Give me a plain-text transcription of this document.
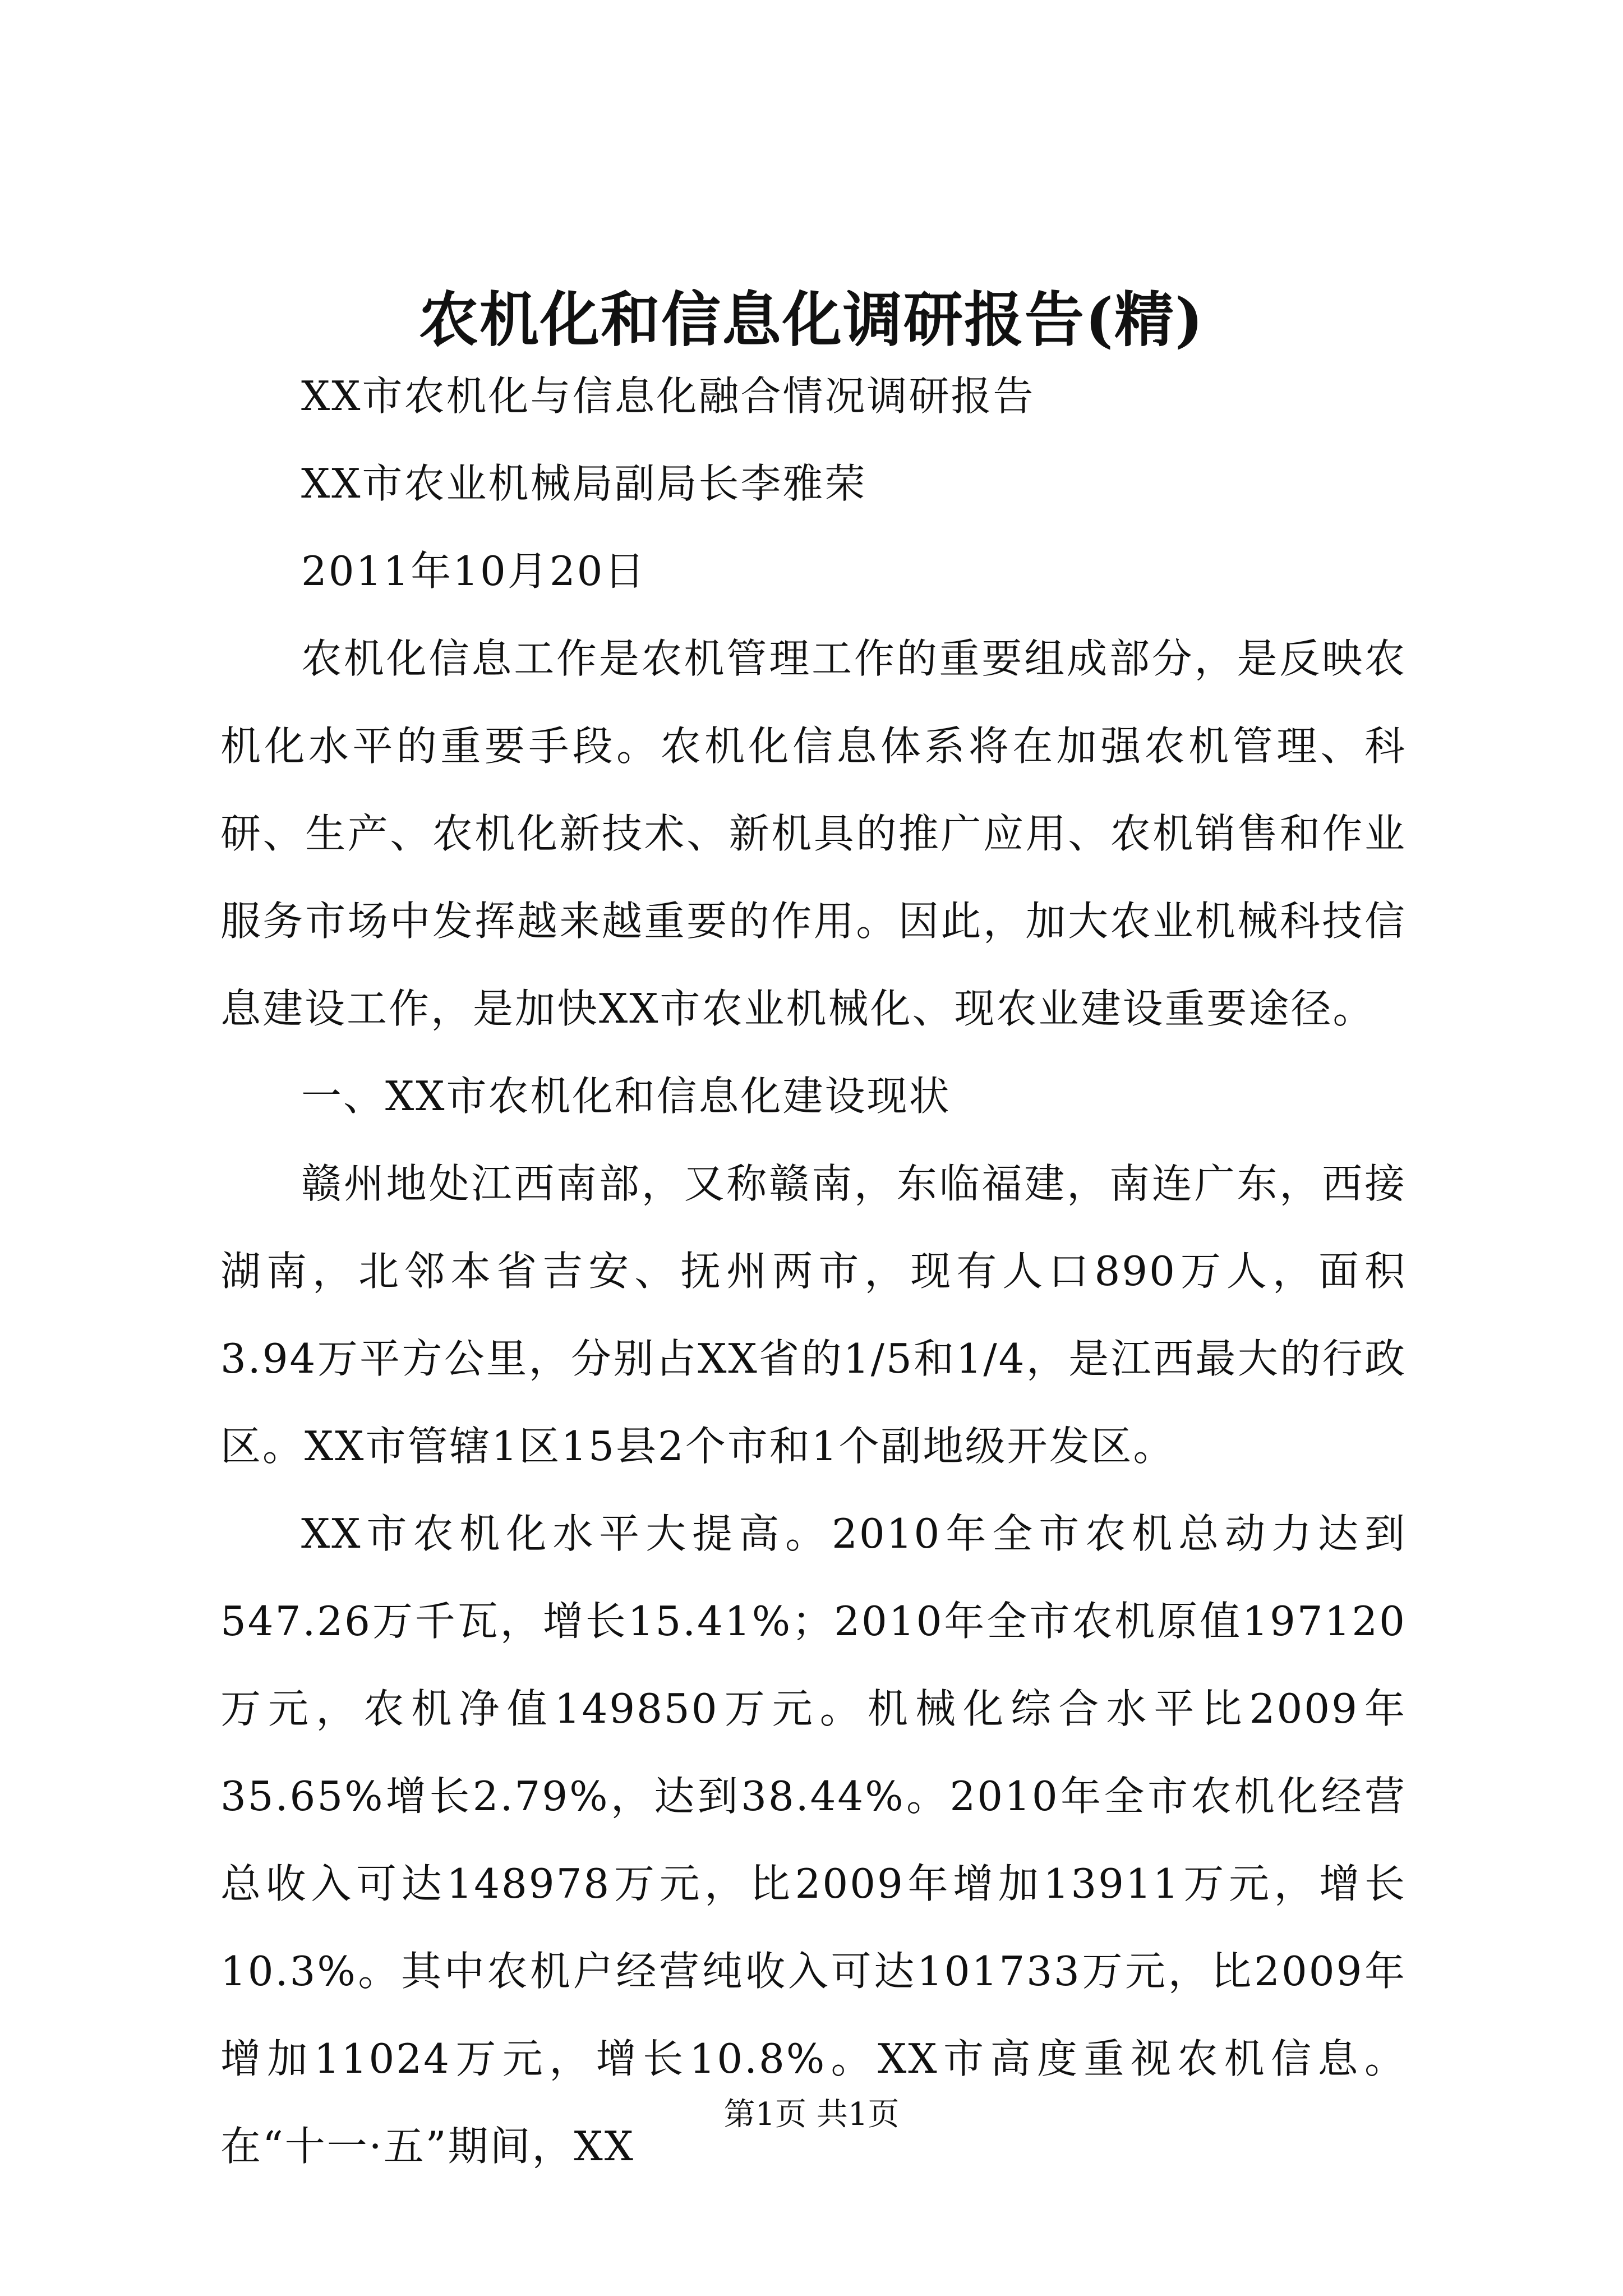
农机化和信息化调研报告(精)

XX市农机化与信息化融合情况调研报告

XX市农业机械局副局长李雅荣

2011年10月20日

农机化信息工作是农机管理工作的重要组成部分，是反映农机化水平的重要手段。农机化信息体系将在加强农机管理、科研、生产、农机化新技术、新机具的推广应用、农机销售和作业服务市场中发挥越来越重要的作用。因此，加大农业机械科技信息建设工作，是加快XX市农业机械化、现农业建设重要途径。

一、XX市农机化和信息化建设现状

赣州地处江西南部，又称赣南，东临福建，南连广东，西接湖南，北邻本省吉安、抚州两市，现有人口890万人，面积3.94万平方公里，分别占XX省的1/5和1/4，是江西最大的行政区。XX市管辖1区15县2个市和1个副地级开发区。

XX市农机化水平大提高。2010年全市农机总动力达到547.26万千瓦，增长15.41%；2010年全市农机原值197120万元，农机净值149850万元。机械化综合水平比2009年35.65%增长2.79%，达到38.44%。2010年全市农机化经营总收入可达148978万元，比2009年增加13911万元，增长10.3%。其中农机户经营纯收入可达101733万元，比2009年增加11024万元，增长10.8%。XX市高度重视农机信息。在“十一·五”期间，XX

第1页 共1页
